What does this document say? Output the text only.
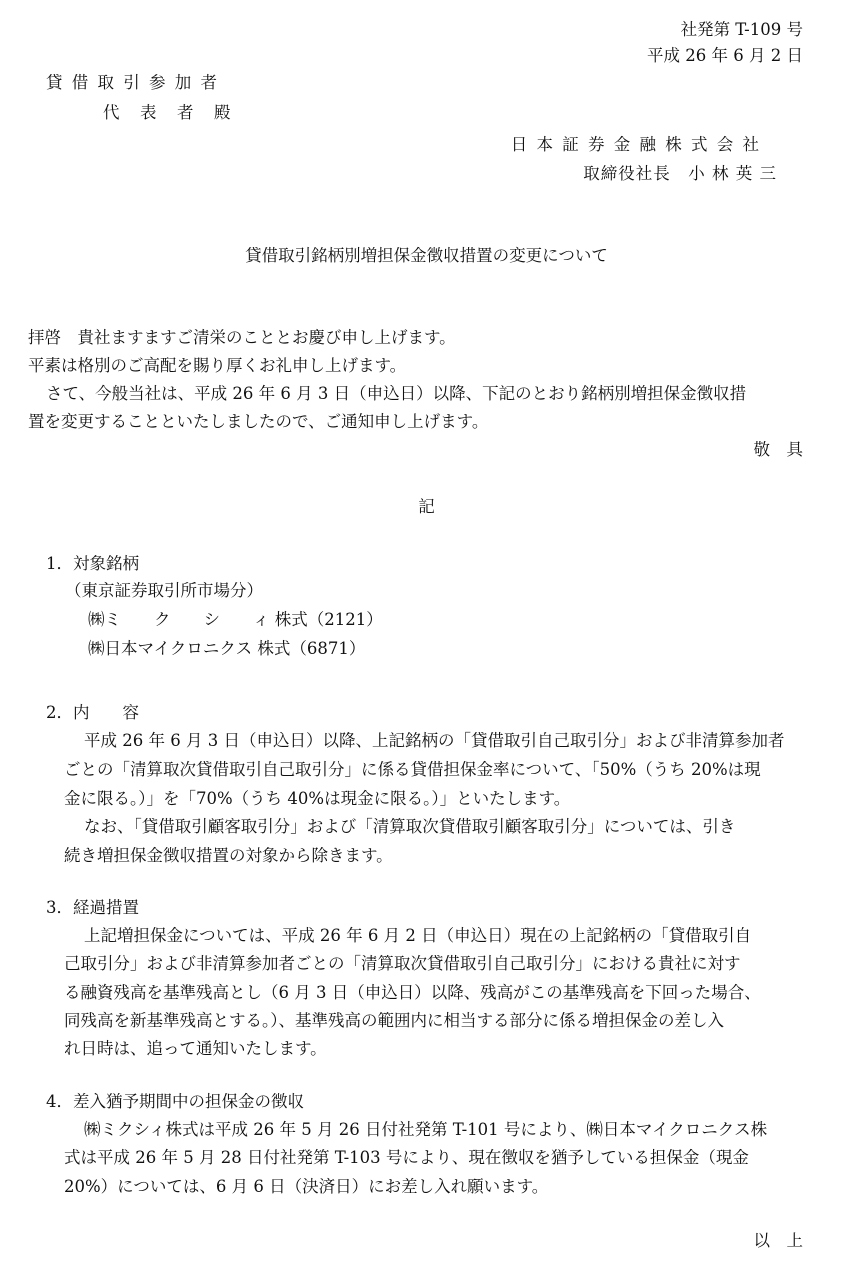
社発第 T-109 号
平成 26 年 6 月 2 日
貸 借 取 引 参 加 者
代　表　者　殿
日 本 証 券 金 融 株 式 会 社
取締役社長　小 林 英 三
貸借取引銘柄別増担保金徴収措置の変更について
拝啓　貴社ますますご清栄のこととお慶び申し上げます。
平素は格別のご高配を賜り厚くお礼申し上げます。
さて、今般当社は、平成 26 年 6 月 3 日（申込日）以降、下記のとおり銘柄別増担保金徴収措
置を変更することといたしましたので、ご通知申し上げます。
敬　具
記
1．対象銘柄
（東京証券取引所市場分）
㈱ミ　　ク　　シ　　ィ 株式（2121）
㈱日本マイクロニクス 株式（6871）
2．内　　容
平成 26 年 6 月 3 日（申込日）以降、上記銘柄の「貸借取引自己取引分」および非清算参加者
ごとの「清算取次貸借取引自己取引分」に係る貸借担保金率について、「50%（うち 20%は現
金に限る。）」を「70%（うち 40%は現金に限る。）」といたします。
なお、「貸借取引顧客取引分」および「清算取次貸借取引顧客取引分」については、引き
続き増担保金徴収措置の対象から除きます。
3．経過措置
上記増担保金については、平成 26 年 6 月 2 日（申込日）現在の上記銘柄の「貸借取引自
己取引分」および非清算参加者ごとの「清算取次貸借取引自己取引分」における貴社に対す
る融資残高を基準残高とし（6 月 3 日（申込日）以降、残高がこの基準残高を下回った場合、
同残高を新基準残高とする。）、基準残高の範囲内に相当する部分に係る増担保金の差し入
れ日時は、追って通知いたします。
4．差入猶予期間中の担保金の徴収
㈱ミクシィ株式は平成 26 年 5 月 26 日付社発第 T-101 号により、㈱日本マイクロニクス株
式は平成 26 年 5 月 28 日付社発第 T-103 号により、現在徴収を猶予している担保金（現金
20%）については、6 月 6 日（決済日）にお差し入れ願います。
以　上
